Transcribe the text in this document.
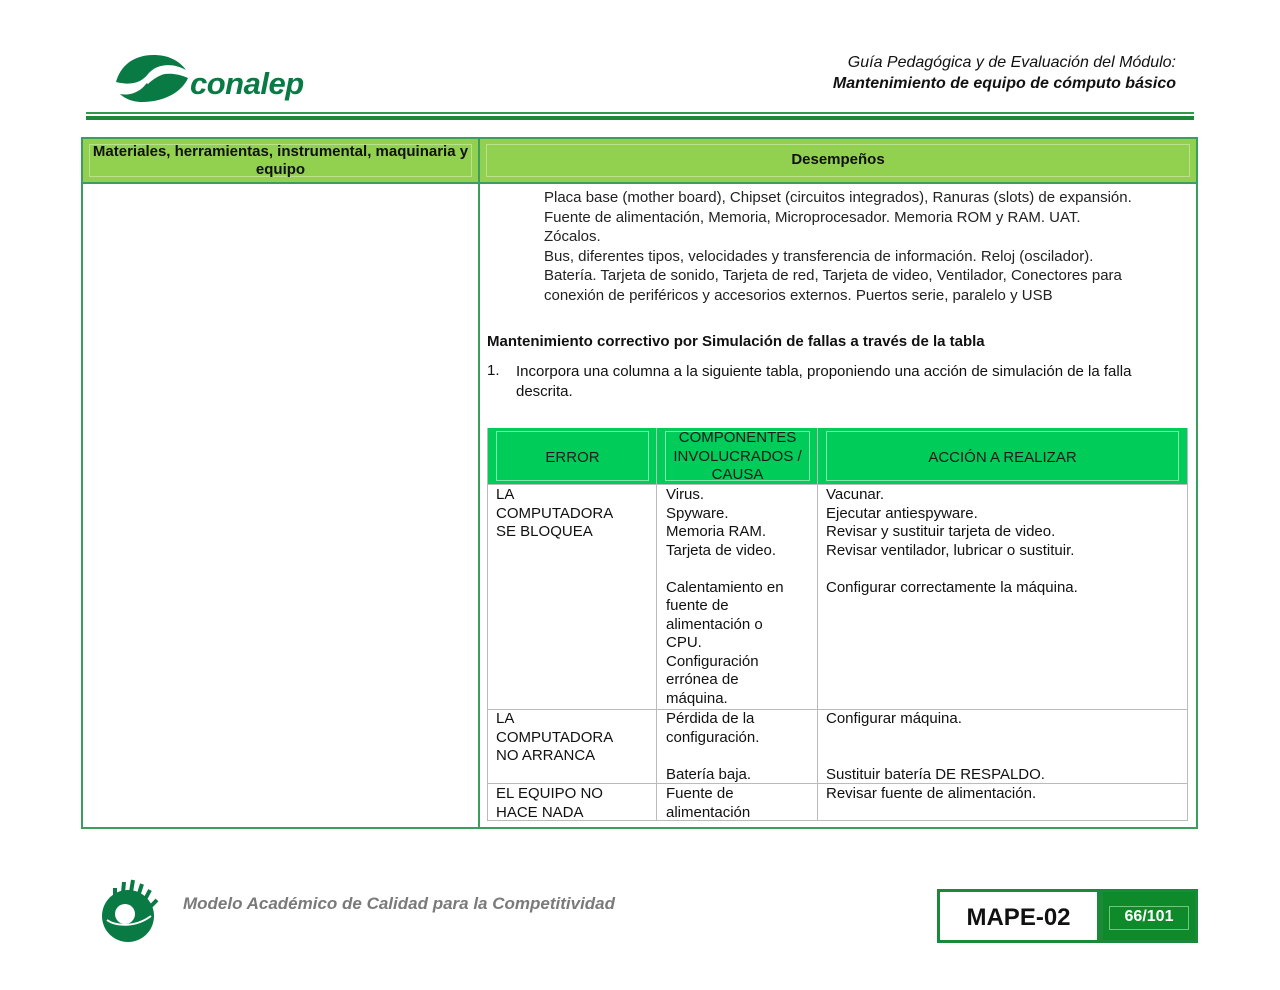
conalep
Guía Pedagógica y de Evaluación del Módulo:
Mantenimiento de equipo de cómputo básico
Materiales, herramientas, instrumental, maquinaria y equipo
Desempeños
Placa base (mother board), Chipset (circuitos integrados), Ranuras (slots) de expansión.
Fuente de alimentación, Memoria, Microprocesador. Memoria ROM y RAM. UAT.
Zócalos.
Bus, diferentes tipos, velocidades y transferencia de información. Reloj (oscilador).
Batería. Tarjeta de sonido, Tarjeta de red, Tarjeta de video, Ventilador, Conectores para
conexión de periféricos y accesorios externos. Puertos serie, paralelo y USB
Mantenimiento correctivo por Simulación de fallas a través de la tabla
1. Incorpora una columna a la siguiente tabla, proponiendo una acción de simulación de la falla descrita.
ERROR
COMPONENTES INVOLUCRADOS / CAUSA
ACCIÓN A REALIZAR
LA
COMPUTADORA
SE BLOQUEA
Virus.
Spyware.
Memoria RAM.
Tarjeta de video.

Calentamiento en
fuente de
alimentación o
CPU.
Configuración
errónea de
máquina.
Vacunar.
Ejecutar antiespyware.
Revisar y sustituir tarjeta de video.
Revisar ventilador, lubricar o sustituir.

Configurar correctamente la máquina.
LA
COMPUTADORA
NO ARRANCA
Pérdida de la
configuración.

Batería baja.
Configurar máquina.

Sustituir batería DE RESPALDO.
EL EQUIPO NO
HACE NADA
Fuente de
alimentación
Revisar fuente de alimentación.
Modelo Académico de Calidad para la Competitividad
MAPE-02	66/101
